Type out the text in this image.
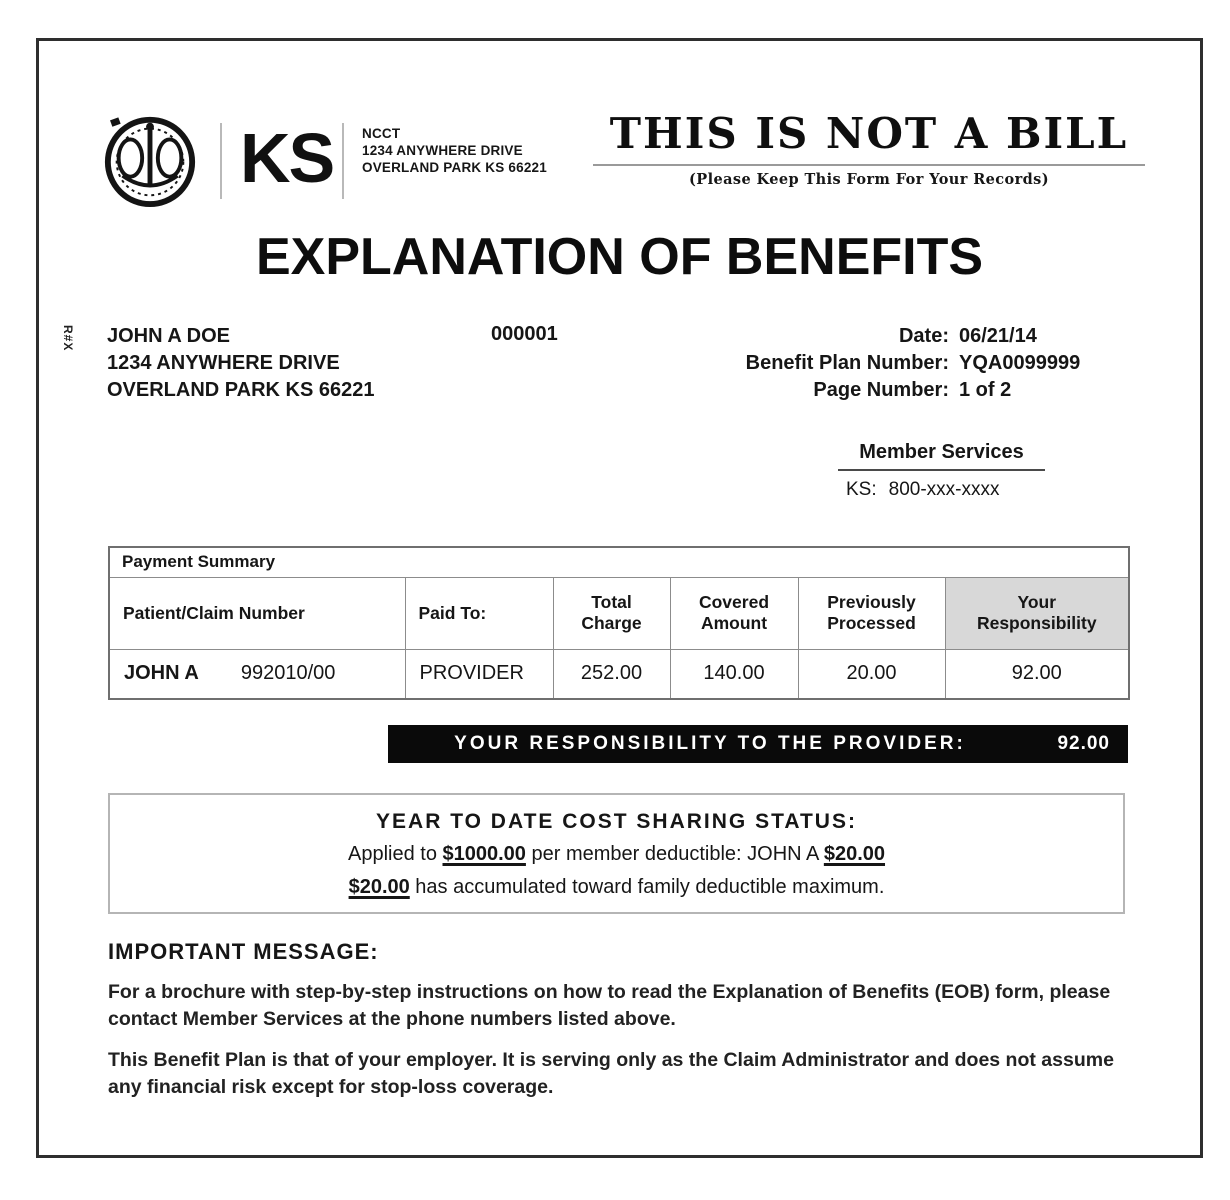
KS NCCT
1234 ANYWHERE DRIVE
OVERLAND PARK KS 66221
THIS IS NOT A BILL
(Please Keep This Form For Your Records)
EXPLANATION OF BENEFITS
R#X JOHN A DOE
1234 ANYWHERE DRIVE
OVERLAND PARK KS 66221
000001	Date: 06/21/14
Benefit Plan Number: YQA0099999
Page Number: 1 of 2
Member Services
KS: 800-xxx-xxxx
Payment Summary					
Patient/Claim Number	Paid To:	Total Charge	Covered Amount	Previously Processed	Your Responsibility
JOHN A 992010/00	PROVIDER	252.00	140.00	20.00	92.00
YOUR RESPONSIBILITY TO THE PROVIDER:	92.00
YEAR TO DATE COST SHARING STATUS:
Applied to $1000.00 per member deductible: JOHN A $20.00
$20.00 has accumulated toward family deductible maximum.
IMPORTANT MESSAGE:

For a brochure with step-by-step instructions on how to read the Explanation of Benefits (EOB) form, please contact Member Services at the phone numbers listed above.

This Benefit Plan is that of your employer. It is serving only as the Claim Administrator and does not assume any financial risk except for stop-loss coverage.
